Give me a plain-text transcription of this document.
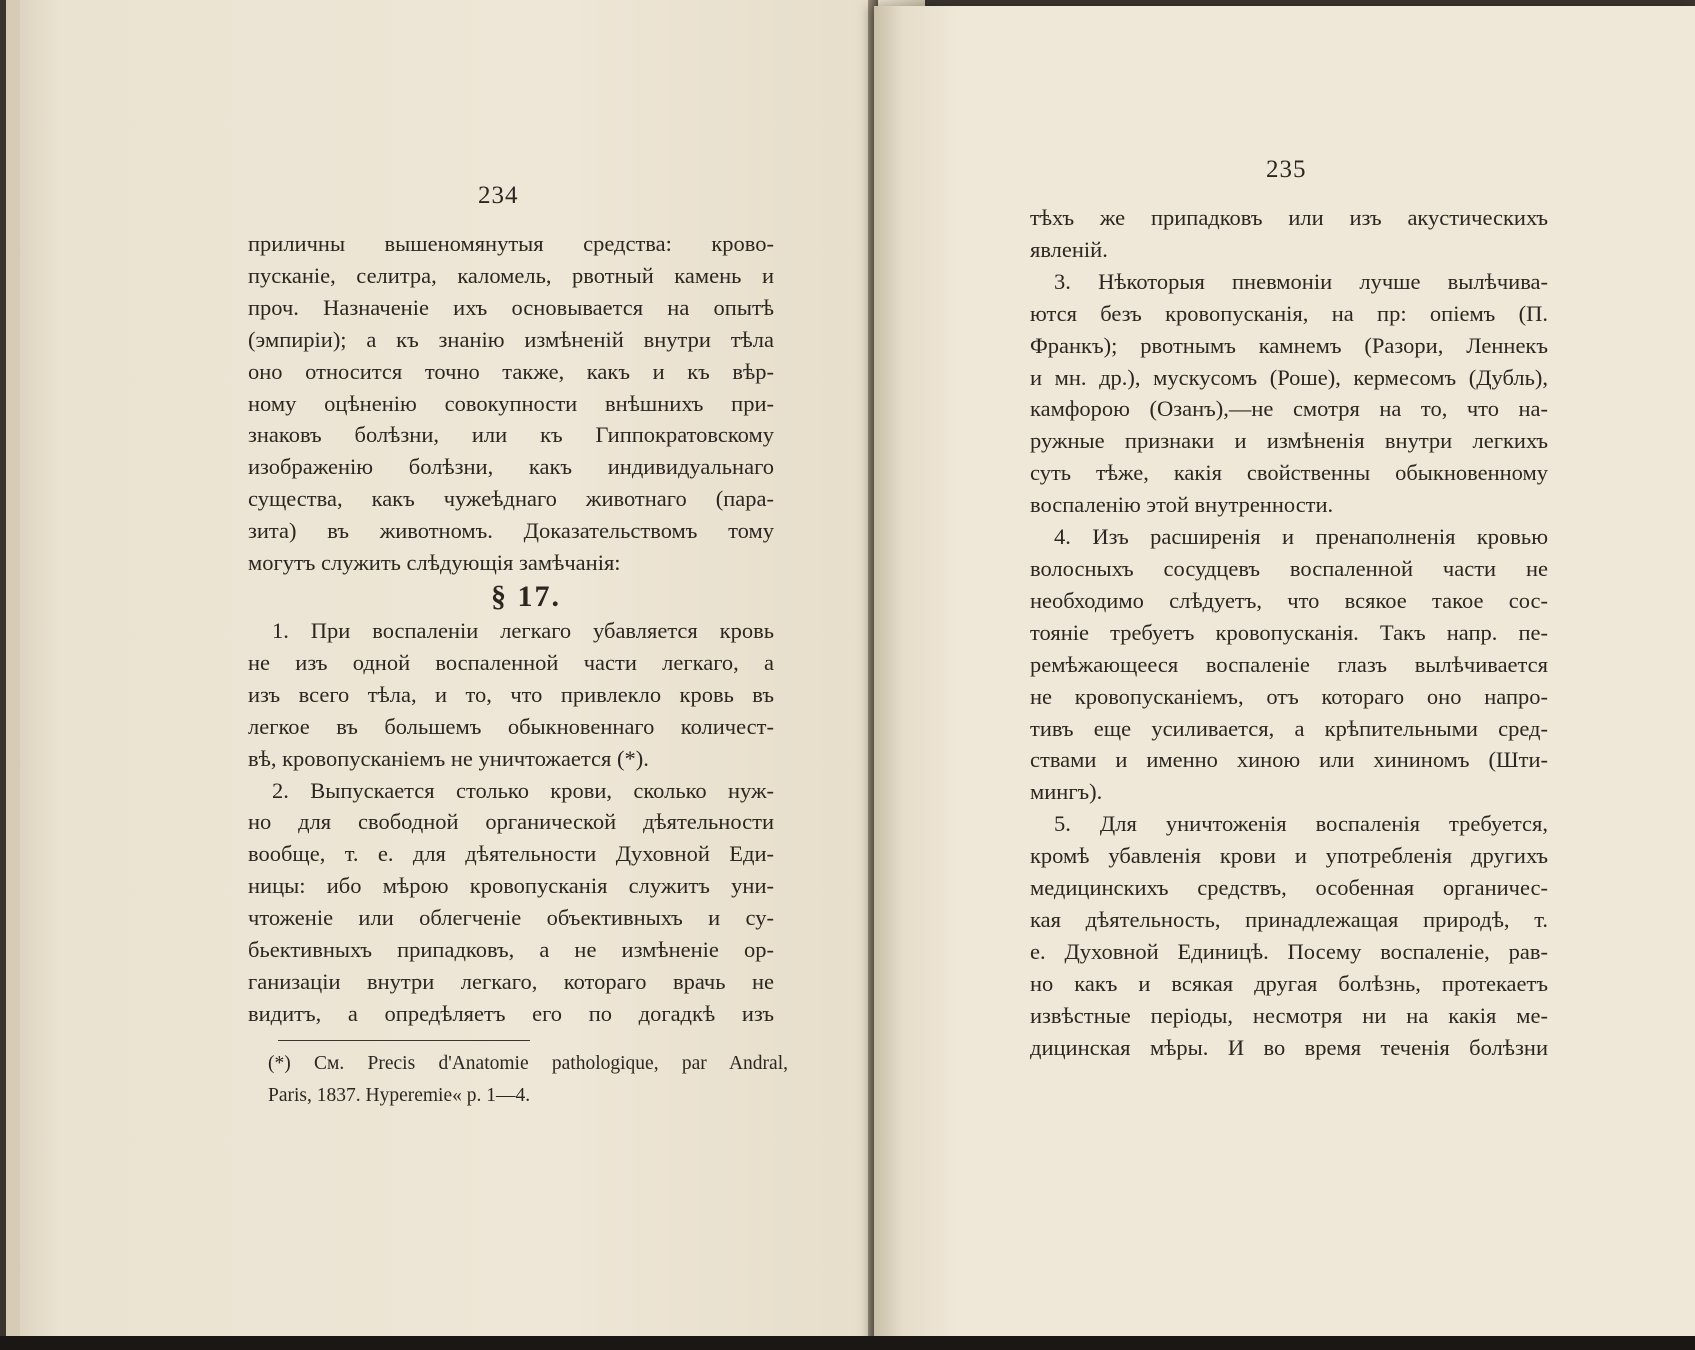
234
приличны вышеномянутыя средства: крово-
пусканіе, селитра, каломель, рвотный камень и
проч. Назначеніе ихъ основывается на опытѣ
(эмпиріи); а къ знанію измѣненій внутри тѣла
оно относится точно также, какъ и къ вѣр-
ному оцѣненію совокупности внѣшнихъ при-
знаковъ болѣзни, или къ Гиппократовскому
изображенію болѣзни, какъ индивидуальнаго
существа, какъ чужеѣднаго животнаго (пара-
зита) въ животномъ. Доказательствомъ тому
могутъ служить слѣдующія замѣчанія:
§ 17.
1. При воспаленіи легкаго убавляется кровь
не изъ одной воспаленной части легкаго, а
изъ всего тѣла, и то, что привлекло кровь въ
легкое въ большемъ обыкновеннаго количест-
вѣ, кровопусканіемъ не уничтожается (*).
2. Выпускается столько крови, сколько нуж-
но для свободной органической дѣятельности
вообще, т. е. для дѣятельности Духовной Еди-
ницы: ибо мѣрою кровопусканія служитъ уни-
чтоженіе или облегченіе объективныхъ и су-
бьективныхъ припадковъ, а не измѣненіе ор-
ганизаціи внутри легкаго, котораго врачь не
видитъ, а опредѣляетъ его по догадкѣ изъ
(*) См. Precis d'Anatomie pathologique, par Andral,
Paris, 1837. Hyperemie« p. 1—4.
235
тѣхъ же припадковъ или изъ акустическихъ
явленій.
3. Нѣкоторыя пневмоніи лучше вылѣчива-
ются безъ кровопусканія, на пр: опіемъ (П.
Франкъ); рвотнымъ камнемъ (Разори, Леннекъ
и мн. др.), мускусомъ (Роше), кермесомъ (Дубль),
камфорою (Озанъ),—не смотря на то, что на-
ружные признаки и измѣненія внутри легкихъ
суть тѣже, какія свойственны обыкновенному
воспаленію этой внутренности.
4. Изъ расширенія и пренаполненія кровью
волосныхъ сосудцевъ воспаленной части не
необходимо слѣдуетъ, что всякое такое сос-
тояніе требуетъ кровопусканія. Такъ напр. пе-
ремѣжающееся воспаленіе глазъ вылѣчивается
не кровопусканіемъ, отъ котораго оно напро-
тивъ еще усиливается, а крѣпительными сред-
ствами и именно хиною или хининомъ (Шти-
мингъ).
5. Для уничтоженія воспаленія требуется,
кромѣ убавленія крови и употребленія другихъ
медицинскихъ средствъ, особенная органичес-
кая дѣятельность, принадлежащая природѣ, т.
е. Духовной Единицѣ. Посему воспаленіе, рав-
но какъ и всякая другая болѣзнь, протекаетъ
извѣстные періоды, несмотря ни на какія ме-
дицинская мѣры. И во время теченія болѣзни
